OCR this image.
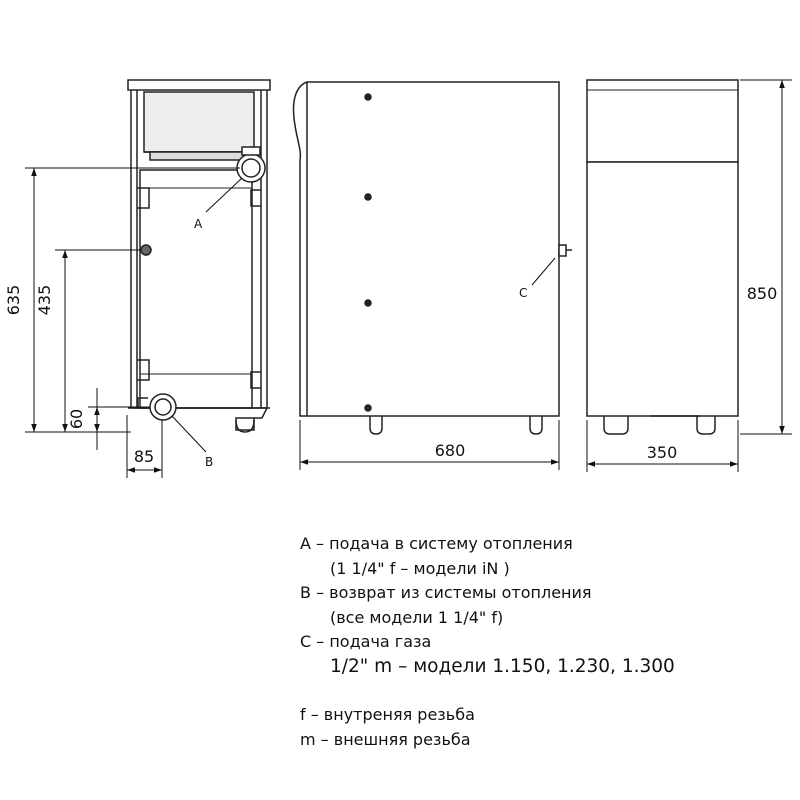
635 435
60
85
A
B
680
C	850
350
A – подача в систему отопления
(1 1/4" f – модели iN )
B – возврат из системы отопления
(все модели 1 1/4" f)
C – подача газа
1/2" m – модели 1.150, 1.230, 1.300
f – внутреняя резьба
m – внешняя резьба
